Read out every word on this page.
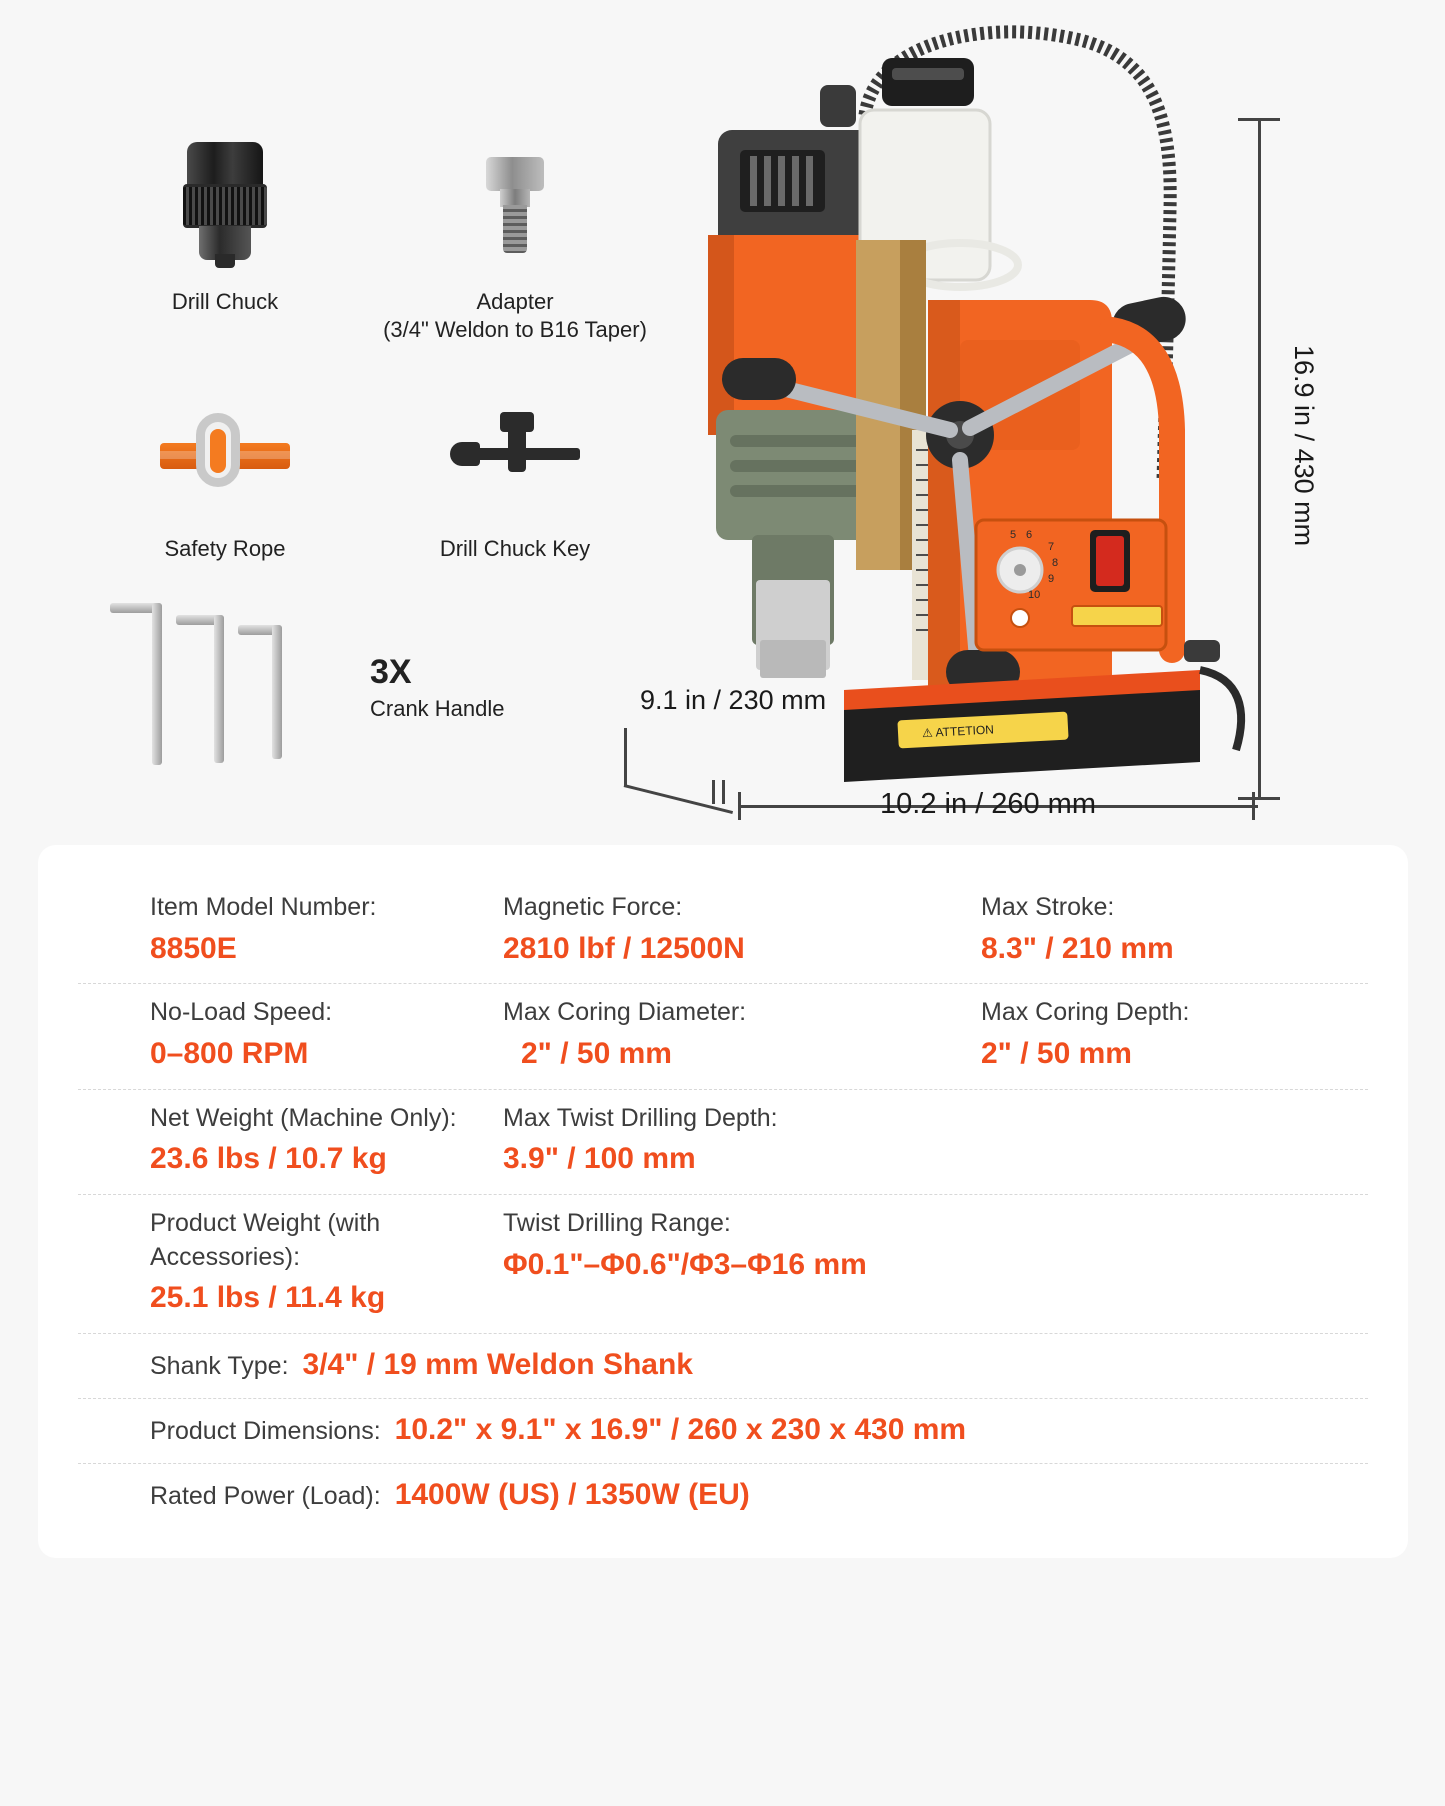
Drill Chuck	Adapter
(3/4" Weldon to B16 Taper)
Safety Rope	Drill Chuck Key
3X
Crank Handle
5 6
7
8
9
10
⚠ ATTETION
16.9 in / 430 mm
9.1 in / 230 mm
10.2 in / 260 mm
Item Model Number:
8850E
Magnetic Force:
2810 lbf / 12500N
Max Stroke:
8.3" / 210 mm
No-Load Speed:
0–800 RPM
Max Coring Diameter:
2" / 50 mm
Max Coring Depth:
2" / 50 mm
Net Weight (Machine Only):
23.6 lbs / 10.7 kg
Max Twist Drilling Depth:
3.9" / 100 mm
Product Weight (with Accessories):
25.1 lbs / 11.4 kg
Twist Drilling Range:
Φ0.1"–Φ0.6"/Φ3–Φ16 mm
Shank Type: 3/4" / 19 mm Weldon Shank
Product Dimensions: 10.2" x 9.1" x 16.9" / 260 x 230 x 430 mm
Rated Power (Load): 1400W (US) / 1350W (EU)
